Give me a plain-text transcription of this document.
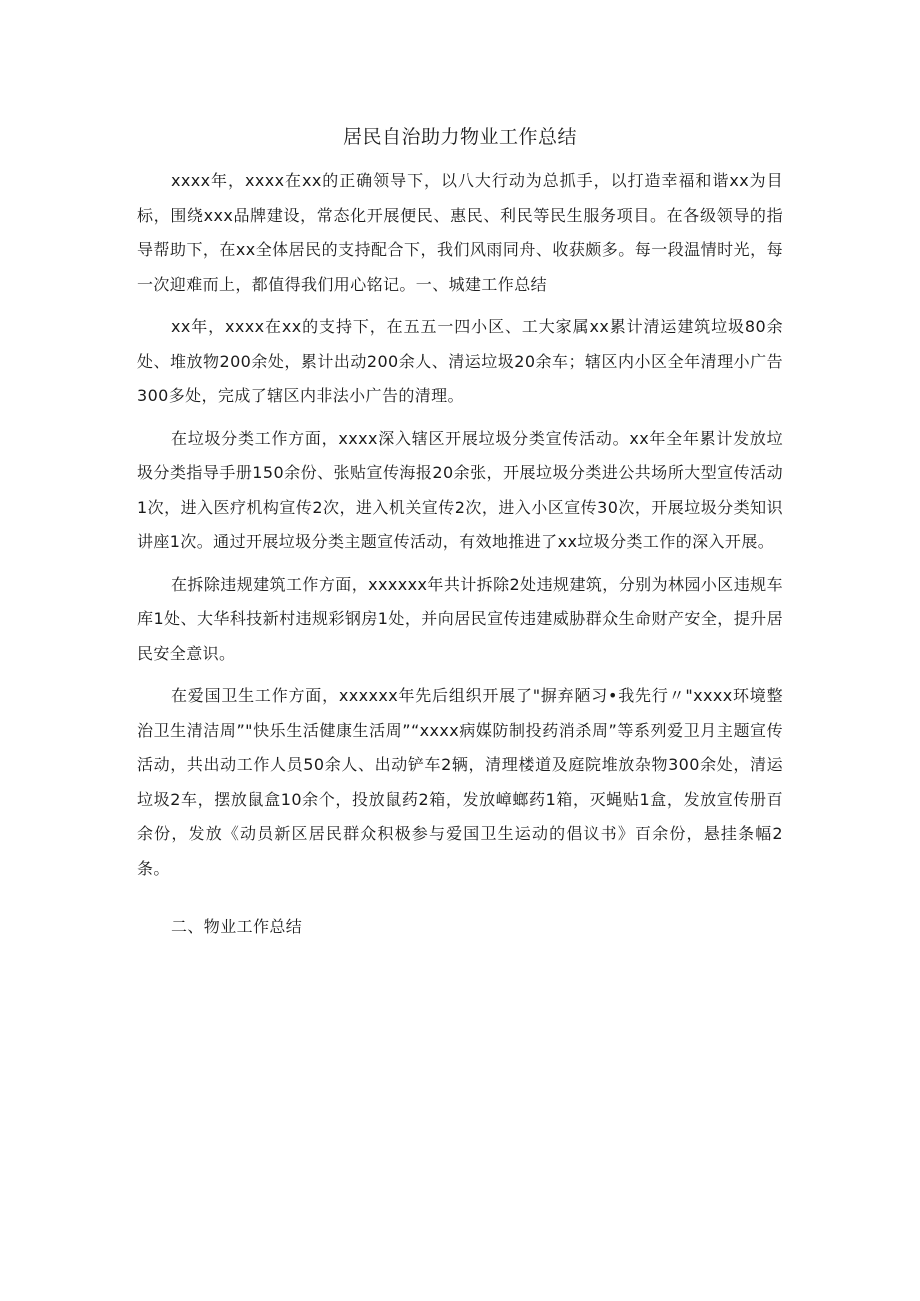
居民自治助力物业工作总结

xxxx年，xxxx在xx的正确领导下，以八大行动为总抓手，以打造幸福和谐xx为目标，围绕xxx品牌建设，常态化开展便民、惠民、利民等民生服务项目。在各级领导的指导帮助下，在xx全体居民的支持配合下，我们风雨同舟、收获颇多。每一段温情时光，每一次迎难而上，都值得我们用心铭记。一、城建工作总结

xx年，xxxx在xx的支持下，在五五一四小区、工大家属xx累计清运建筑垃圾80余处、堆放物200余处，累计出动200余人、清运垃圾20余车；辖区内小区全年清理小广告300多处，完成了辖区内非法小广告的清理。

在垃圾分类工作方面，xxxx深入辖区开展垃圾分类宣传活动。xx年全年累计发放垃圾分类指导手册150余份、张贴宣传海报20余张，开展垃圾分类进公共场所大型宣传活动1次，进入医疗机构宣传2次，进入机关宣传2次，进入小区宣传30次，开展垃圾分类知识讲座1次。通过开展垃圾分类主题宣传活动，有效地推进了xx垃圾分类工作的深入开展。

在拆除违规建筑工作方面，xxxxxx年共计拆除2处违规建筑，分别为林园小区违规车库1处、大华科技新村违规彩钢房1处，并向居民宣传违建威胁群众生命财产安全，提升居民安全意识。

在爱国卫生工作方面，xxxxxx年先后组织开展了"摒弃陋习•我先行〃"xxxx环境整治卫生清洁周”"快乐生活健康生活周”“xxxx病媒防制投药消杀周”等系列爱卫月主题宣传活动，共出动工作人员50余人、出动铲车2辆，清理楼道及庭院堆放杂物300余处，清运垃圾2车，摆放鼠盒10余个，投放鼠药2箱，发放嶂螂药1箱，灭蝇贴1盒，发放宣传册百余份，发放《动员新区居民群众积极参与爱国卫生运动的倡议书》百余份，悬挂条幅2条。

二、物业工作总结
